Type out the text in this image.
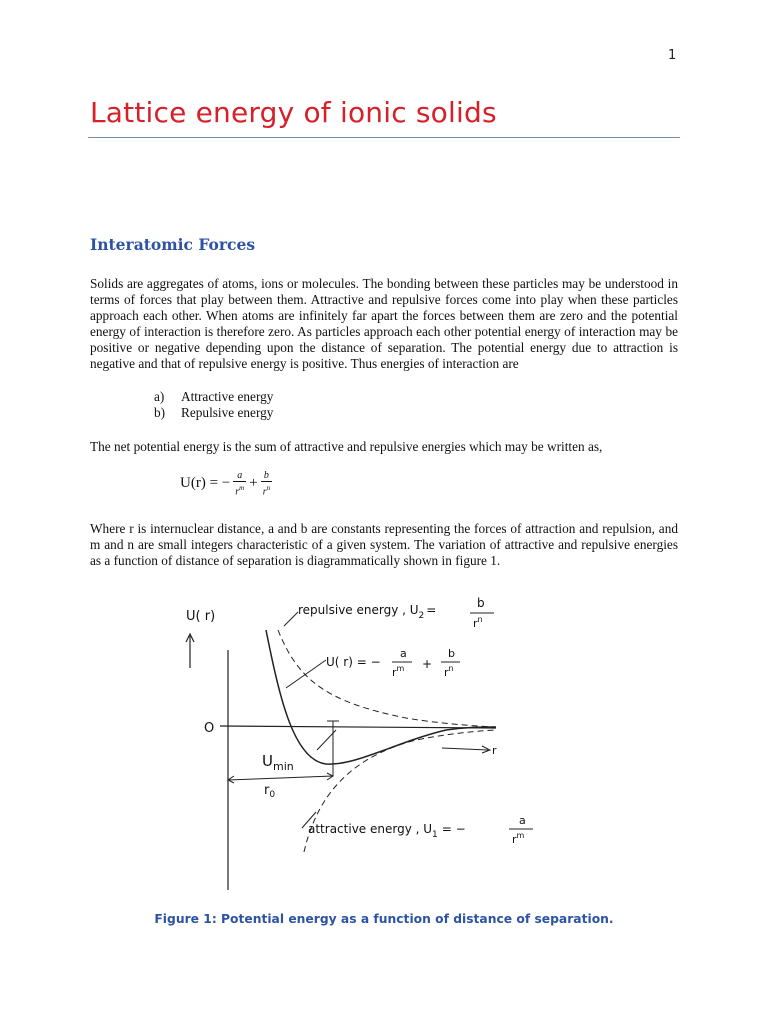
1
Lattice energy of ionic solids
Interatomic Forces

Solids are aggregates of atoms, ions or molecules. The bonding between these particles may be understood in terms of forces that play between them. Attractive and repulsive forces come into play when these particles approach each other. When atoms are infinitely far apart the forces between them are zero and the potential energy of interaction is therefore zero. As particles approach each other potential energy of interaction may be positive or negative depending upon the distance of separation. The potential energy due to attraction is negative and that of repulsive energy is positive. Thus energies of interaction are

a)	Attractive energy
b)	Repulsive energy

The net potential energy is the sum of attractive and repulsive energies which may be written as,

U(r) = − $\frac{a}{r^m} + \frac{b}{r^n}$

Where r is internuclear distance, a and b are constants representing the forces of attraction and repulsion, and m and n are small integers characteristic of a given system. The variation of attractive and repulsive energies as a function of distance of separation is diagrammatically shown in figure 1.

U( r)
O
r
$U_{min}$
$r_0$
repulsive energy , $U_2$ =	b
$r^n$
U( r) = −
a
$r^m$ +
b
$r^n$
attractive energy , $U_1$ = −
a
$r^m$
Figure 1: Potential energy as a function of distance of separation.
